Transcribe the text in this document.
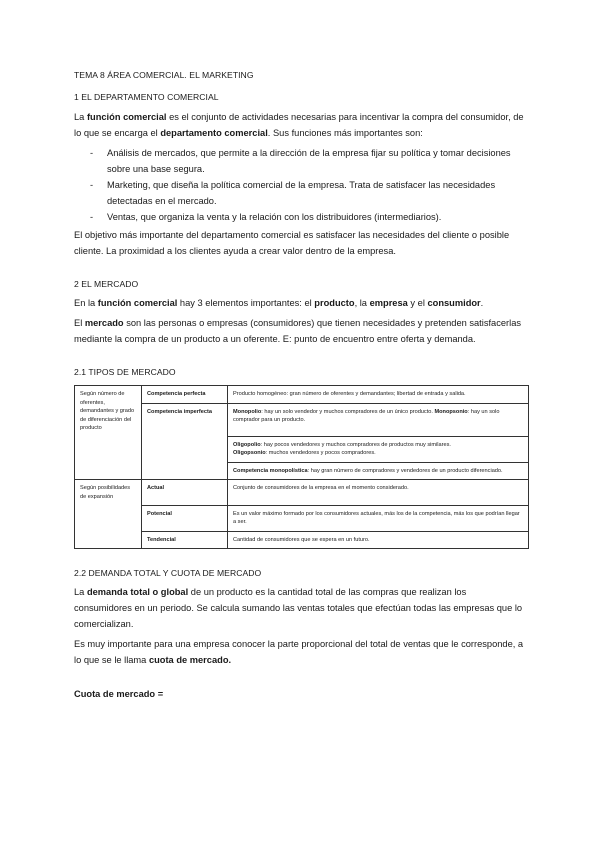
TEMA 8 ÁREA COMERCIAL. EL MARKETING

1 EL DEPARTAMENTO COMERCIAL

La función comercial es el conjunto de actividades necesarias para incentivar la compra del consumidor, de lo que se encarga el departamento comercial. Sus funciones más importantes son:

- Análisis de mercados, que permite a la dirección de la empresa fijar su política y tomar decisiones sobre una base segura.
- Marketing, que diseña la política comercial de la empresa. Trata de satisfacer las necesidades detectadas en el mercado.
- Ventas, que organiza la venta y la relación con los distribuidores (intermediarios).

El objetivo más importante del departamento comercial es satisfacer las necesidades del cliente o posible cliente. La proximidad a los clientes ayuda a crear valor dentro de la empresa.

2 EL MERCADO

En la función comercial hay 3 elementos importantes: el producto, la empresa y el consumidor.

El mercado son las personas o empresas (consumidores) que tienen necesidades y pretenden satisfacerlas mediante la compra de un producto a un oferente. E: punto de encuentro entre oferta y demanda.

2.1 TIPOS DE MERCADO

Según número de oferentes, demandantes y grado de diferenciación del producto	Competencia perfecta	Producto homogéneo: gran número de oferentes y demandantes; libertad de entrada y salida.
	Competencia imperfecta	Monopolio: hay un solo vendedor y muchos compradores de un único producto. Monopsonio: hay un solo comprador para un producto.
		Oligopolio: hay pocos vendedores y muchos compradores de productos muy similares.
Oligopsonio: muchos vendedores y pocos compradores.
		Competencia monopolística: hay gran número de compradores y vendedores de un producto diferenciado.
Según posibilidades de expansión	Actual	Conjunto de consumidores de la empresa en el momento considerado.
	Potencial	Es un valor máximo formado por los consumidores actuales, más los de la competencia, más los que podrían llegar a ser.
	Tendencial	Cantidad de consumidores que se espera en un futuro.

2.2 DEMANDA TOTAL Y CUOTA DE MERCADO

La demanda total o global de un producto es la cantidad total de las compras que realizan los consumidores en un periodo. Se calcula sumando las ventas totales que efectúan todas las empresas que lo comercializan.

Es muy importante para una empresa conocer la parte proporcional del total de ventas que le corresponde, a lo que se le llama cuota de mercado.

Cuota de mercado =
